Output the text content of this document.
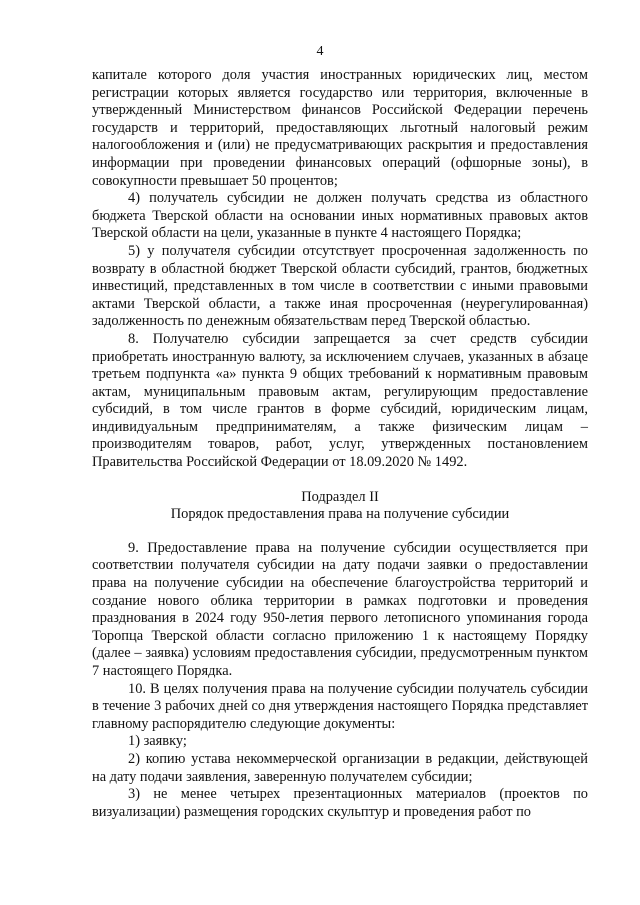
4

капитале которого доля участия иностранных юридических лиц, местом регистрации которых является государство или территория, включенные в утвержденный Министерством финансов Российской Федерации перечень государств и территорий, предоставляющих льготный налоговый режим налогообложения и (или) не предусматривающих раскрытия и предоставления информации при проведении финансовых операций (офшорные зоны), в совокупности превышает 50 процентов;

4) получатель субсидии не должен получать средства из областного бюджета Тверской области на основании иных нормативных правовых актов Тверской области на цели, указанные в пункте 4 настоящего Порядка;

5) у получателя субсидии отсутствует просроченная задолженность по возврату в областной бюджет Тверской области субсидий, грантов, бюджетных инвестиций, представленных в том числе в соответствии с иными правовыми актами Тверской области, а также иная просроченная (неурегулированная) задолженность по денежным обязательствам перед Тверской областью.

8. Получателю субсидии запрещается за счет средств субсидии приобретать иностранную валюту, за исключением случаев, указанных в абзаце третьем подпункта «а» пункта 9 общих требований к нормативным правовым актам, муниципальным правовым актам, регулирующим предоставление субсидий, в том числе грантов в форме субсидий, юридическим лицам, индивидуальным предпринимателям, а также физическим лицам – производителям товаров, работ, услуг, утвержденных постановлением Правительства Российской Федерации от 18.09.2020 № 1492.

Подраздел II

Порядок предоставления права на получение субсидии

9. Предоставление права на получение субсидии осуществляется при соответствии получателя субсидии на дату подачи заявки о предоставлении права на получение субсидии на обеспечение благоустройства территорий и создание нового облика территории в рамках подготовки и проведения празднования в 2024 году 950-летия первого летописного упоминания города Торопца Тверской области согласно приложению 1 к настоящему Порядку (далее – заявка) условиям предоставления субсидии, предусмотренным пунктом 7 настоящего Порядка.

10. В целях получения права на получение субсидии получатель субсидии в течение 3 рабочих дней со дня утверждения настоящего Порядка представляет главному распорядителю следующие документы:

1) заявку;

2) копию устава некоммерческой организации в редакции, действующей на дату подачи заявления, заверенную получателем субсидии;

3) не менее четырех презентационных материалов (проектов по визуализации) размещения городских скульптур и проведения работ по
